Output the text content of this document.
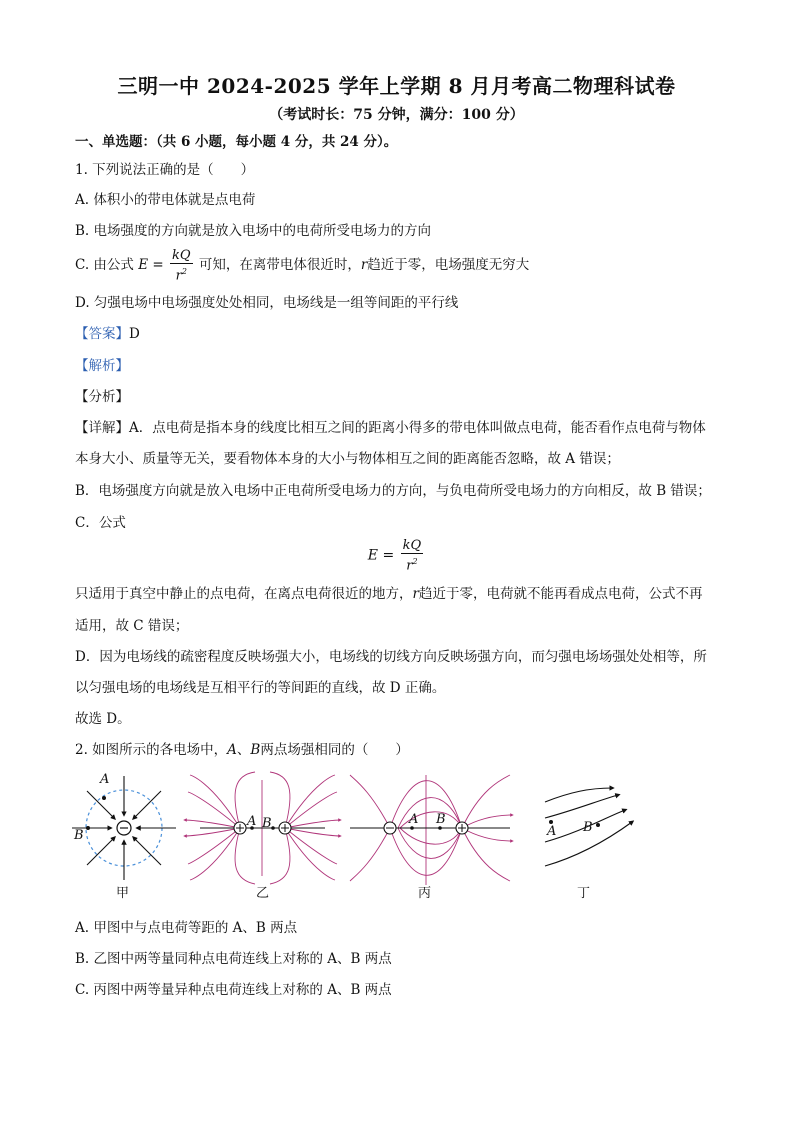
三明一中 2024-2025 学年上学期 8 月月考高二物理科试卷
（考试时长：75 分钟，满分：100 分）
一、单选题：（共 6 小题，每小题 4 分，共 24 分）。
1. 下列说法正确的是（　　）
A. 体积小的带电体就是点电荷
B. 电场强度的方向就是放入电场中的电荷所受电场力的方向
C. 由公式 $E = \frac{kQ}{r^2}$ 可知，在离带电体很近时，r趋近于零，电场强度无穷大
D. 匀强电场中电场强度处处相同，电场线是一组等间距的平行线
【答案】D
【解析】
【分析】
【详解】A．点电荷是指本身的线度比相互之间的距离小得多的带电体叫做点电荷，能否看作点电荷与物体
本身大小、质量等无关，要看物体本身的大小与物体相互之间的距离能否忽略，故 A 错误；
B．电场强度方向就是放入电场中正电荷所受电场力的方向，与负电荷所受电场力的方向相反，故 B 错误；
C．公式
$E = \frac{kQ}{r^2}$
只适用于真空中静止的点电荷，在离点电荷很近的地方，r趋近于零，电荷就不能再看成点电荷，公式不再
适用，故 C 错误；
D．因为电场线的疏密程度反映场强大小，电场线的切线方向反映场强方向，而匀强电场场强处处相等，所
以匀强电场的电场线是互相平行的等间距的直线，故 D 正确。
故选 D。
2. 如图所示的各电场中，A、B两点场强相同的（　　）
A
B
A B	A B
A B
甲	乙	丙	丁
A. 甲图中与点电荷等距的 A、B 两点
B. 乙图中两等量同种点电荷连线上对称的 A、B 两点
C. 丙图中两等量异种点电荷连线上对称的 A、B 两点
